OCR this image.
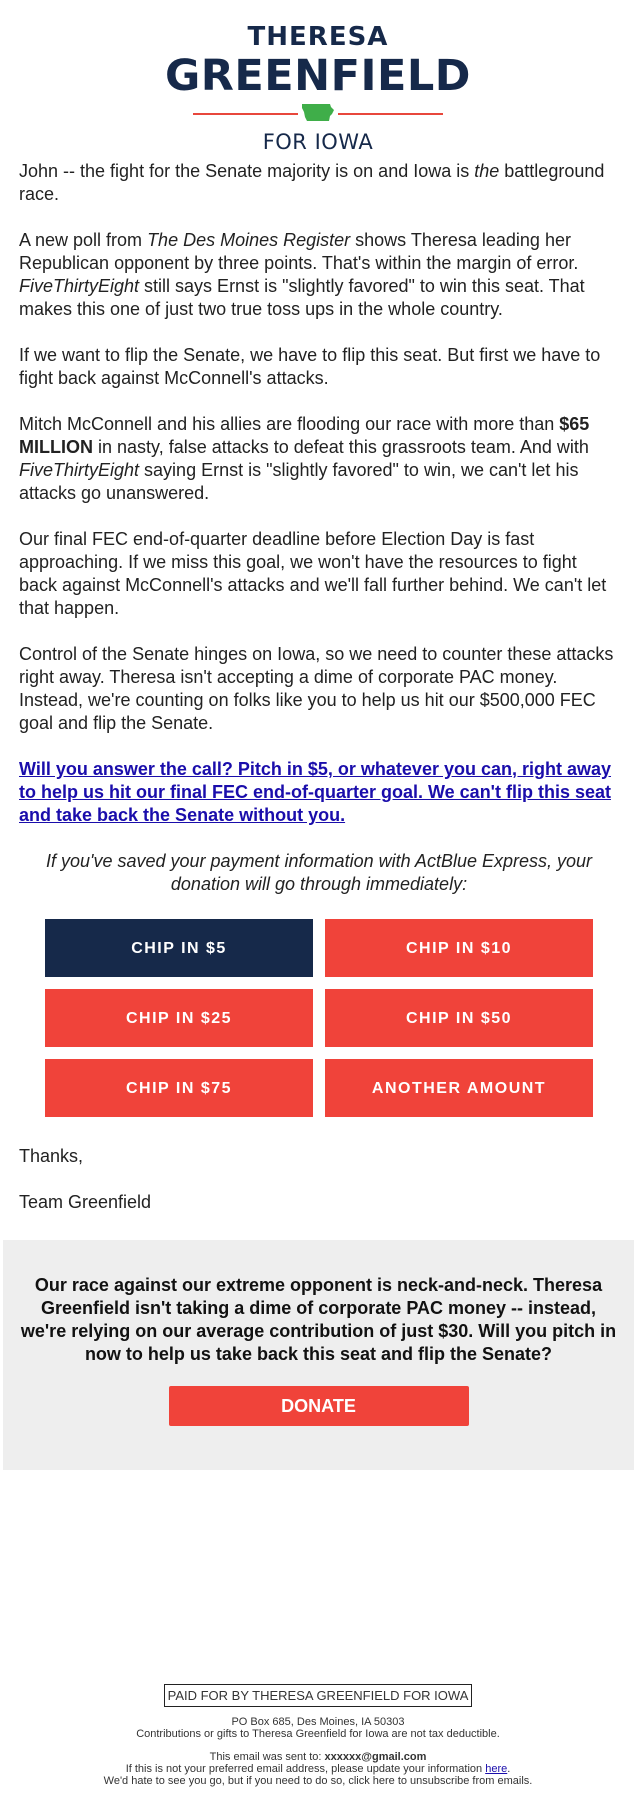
THERESA
GREENFIELD
FOR IOWA

John -- the fight for the Senate majority is on and Iowa is the battleground race.

A new poll from The Des Moines Register shows Theresa leading her Republican opponent by three points. That's within the margin of error. FiveThirtyEight still says Ernst is "slightly favored" to win this seat. That makes this one of just two true toss ups in the whole country.

If we want to flip the Senate, we have to flip this seat. But first we have to fight back against McConnell's attacks.

Mitch McConnell and his allies are flooding our race with more than $65 MILLION in nasty, false attacks to defeat this grassroots team. And with FiveThirtyEight saying Ernst is "slightly favored" to win, we can't let his attacks go unanswered.

Our final FEC end-of-quarter deadline before Election Day is fast approaching. If we miss this goal, we won't have the resources to fight back against McConnell's attacks and we'll fall further behind. We can't let that happen.

Control of the Senate hinges on Iowa, so we need to counter these attacks right away. Theresa isn't accepting a dime of corporate PAC money. Instead, we're counting on folks like you to help us hit our $500,000 FEC goal and flip the Senate.

Will you answer the call? Pitch in $5, or whatever you can, right away to help us hit our final FEC end-of-quarter goal. We can't flip this seat and take back the Senate without you.

If you've saved your payment information with ActBlue Express, your donation will go through immediately:

CHIP IN $5	CHIP IN $10
CHIP IN $25	CHIP IN $50
CHIP IN $75	ANOTHER AMOUNT

Thanks,

Team Greenfield

Our race against our extreme opponent is neck-and-neck. Theresa Greenfield isn't taking a dime of corporate PAC money -- instead, we're relying on our average contribution of just $30. Will you pitch in now to help us take back this seat and flip the Senate?
DONATE
PAID FOR BY THERESA GREENFIELD FOR IOWA
PO Box 685, Des Moines, IA 50303
Contributions or gifts to Theresa Greenfield for Iowa are not tax deductible.
This email was sent to: xxxxxx@gmail.com
If this is not your preferred email address, please update your information here.
We'd hate to see you go, but if you need to do so, click here to unsubscribe from emails.
